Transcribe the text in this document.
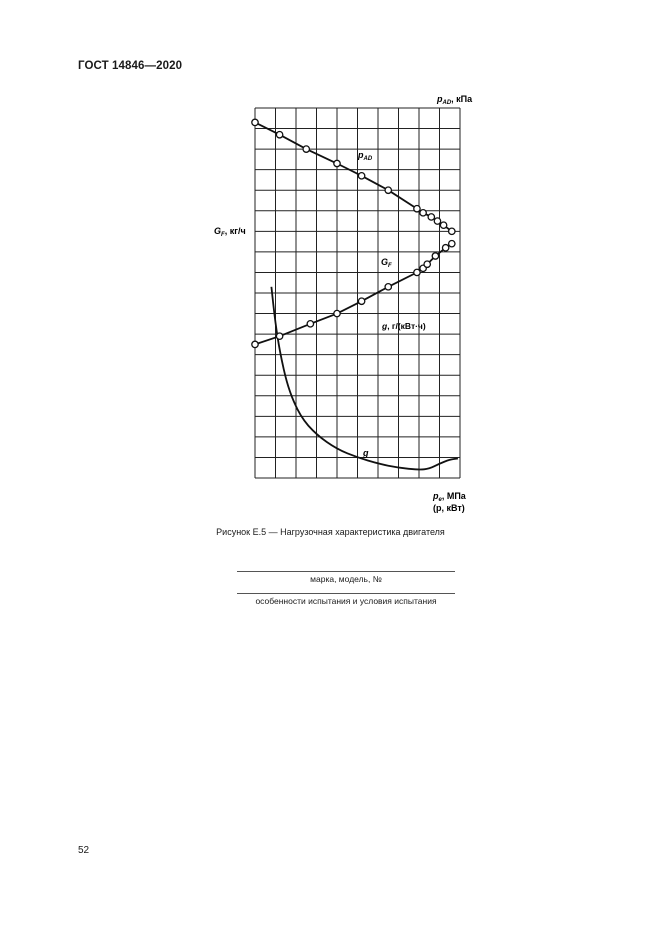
ГОСТ 14846—2020
$p_{AD}$, кПа
$G_F$, кг/ч
g, г/(кВт·ч)
$p_e$, МПа
(p, кВт)
$p_{AD}$
$G_F$
g
Рисунок Е.5 — Нагрузочная характеристика двигателя
марка, модель, №
особенности испытания и условия испытания
52
